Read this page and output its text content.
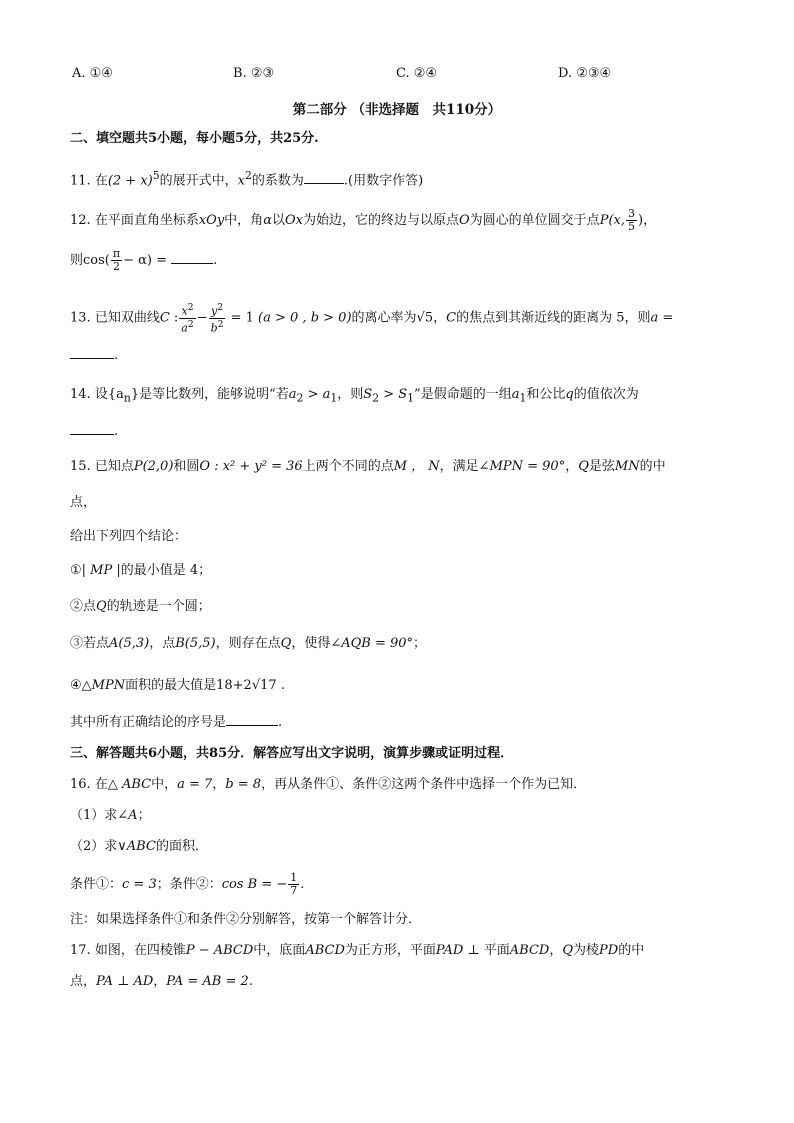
A. ①④	B. ②③	C. ②④	D. ②③④
第二部分 （非选择题　共110分）
二、填空题共5小题，每小题5分，共25分.
11. 在$(2 + x)^5$的展开式中，$x^2$的系数为	.(用数字作答)
12. 在平面直角坐标系xOy中，角α以Ox为始边，它的终边与以原点O为圆心的单位圆交于点P(x, $\frac{3}{5}$ )，
则$\cos( \frac{\pi}{2} - \alpha)$ =	.
13. 已知双曲线C : $\frac{x^2}{a^2} - \frac{y^2}{b^2} = 1$ (a > 0 , b > 0)的离心率为√5，C的焦点到其渐近线的距离为 5，则a =
.
14. 设$\{a_n\}$是等比数列，能够说明“若$a_2 > a_1$，则$S_2 > S_1$”是假命题的一组$a_1$和公比q的值依次为
.
15. 已知点P(2,0)和圆O : x² + y² = 36上两个不同的点M ， N，满足∠MPN = 90°，Q是弦MN的中
点，
给出下列四个结论：
①| MP |的最小值是 4；
②点Q的轨迹是一个圆；
③若点A(5,3)，点B(5,5)，则存在点Q，使得∠AQB = 90°；
④△MPN面积的最大值是18+2√17 .
其中所有正确结论的序号是	.
三、解答题共6小题，共85分．解答应写出文字说明，演算步骤或证明过程．
16. 在△ ABC中，a = 7，b = 8，再从条件①、条件②这两个条件中选择一个作为已知．
（1）求∠A；
（2）求∨ABC的面积．
条件①：c = 3；条件②：cos B = − $\frac{1}{7}$ .
注：如果选择条件①和条件②分别解答，按第一个解答计分．
17. 如图，在四棱锥P − ABCD中，底面ABCD为正方形，平面PAD ⊥ 平面ABCD，Q为棱PD的中
点，PA ⊥ AD，PA = AB = 2.
